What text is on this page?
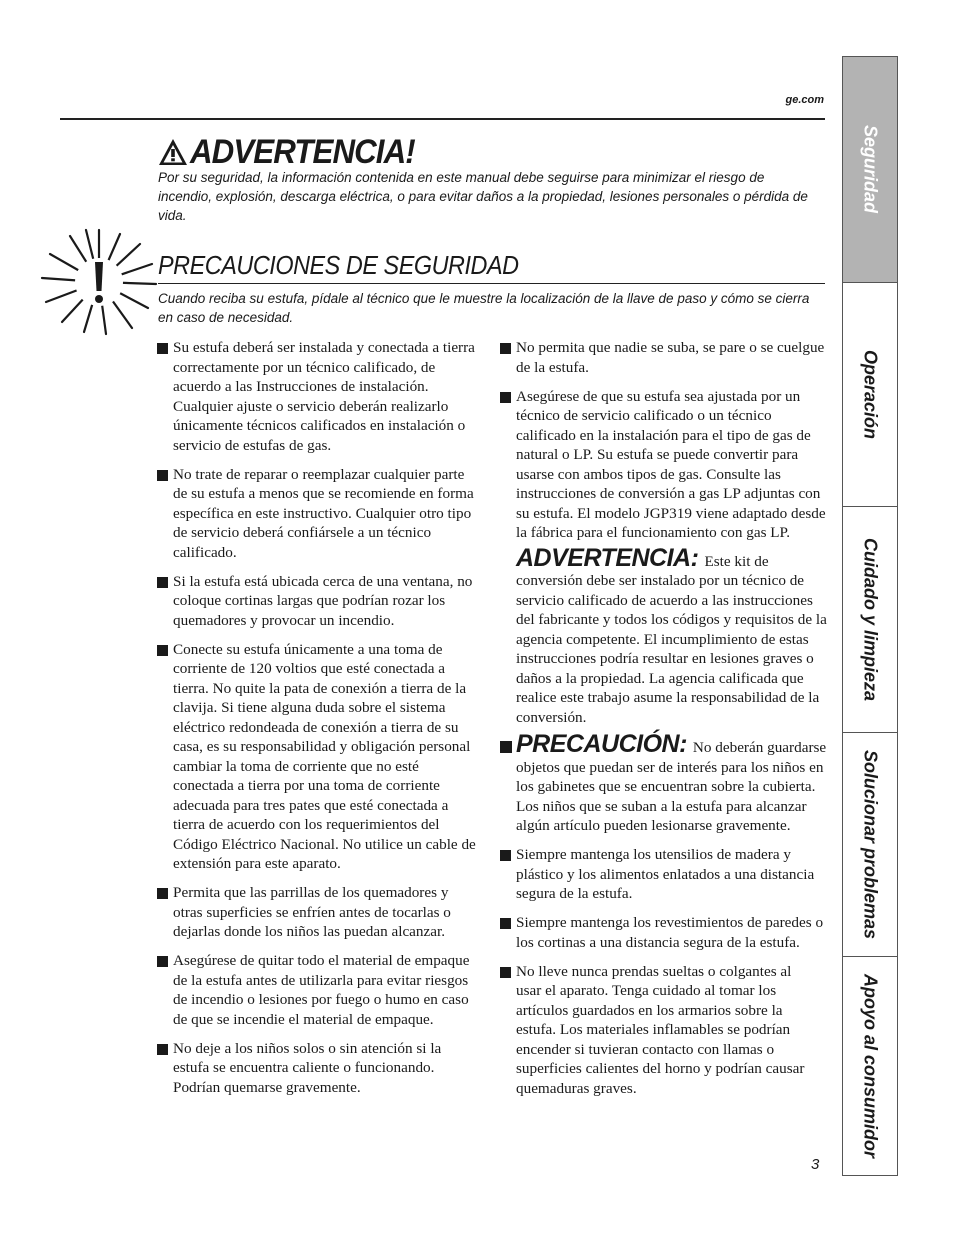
ge.com
ADVERTENCIA!
Por su seguridad, la información contenida en este manual debe seguirse para minimizar el riesgo de incendio, explosión, descarga eléctrica, o para evitar daños a la propiedad, lesiones personales o pérdida de vida.
PRECAUCIONES DE SEGURIDAD
Cuando reciba su estufa, pídale al técnico que le muestre la localización de la llave de paso y cómo se cierra en caso de necesidad.
Su estufa deberá ser instalada y conectada a tierra correctamente por un técnico calificado, de acuerdo a las Instrucciones de instalación. Cualquier ajuste o servicio deberán realizarlo únicamente técnicos calificados en instalación o servicio de estufas de gas.
No trate de reparar o reemplazar cualquier parte de su estufa a menos que se recomiende en forma específica en este instructivo. Cualquier otro tipo de servicio deberá confiársele a un técnico calificado.
Si la estufa está ubicada cerca de una ventana, no coloque cortinas largas que podrían rozar los quemadores y provocar un incendio.
Conecte su estufa únicamente a una toma de corriente de 120 voltios que esté conectada a tierra. No quite la pata de conexión a tierra de la clavija. Si tiene alguna duda sobre el sistema eléctrico redondeada de conexión a tierra de su casa, es su responsabilidad y obligación personal cambiar la toma de corriente que no esté conectada a tierra por una toma de corriente adecuada para tres pates que esté conectada a tierra de acuerdo con los requerimientos del Código Eléctrico Nacional. No utilice un cable de extensión para este aparato.
Permita que las parrillas de los quemadores y otras superficies se enfríen antes de tocarlas o dejarlas donde los niños las puedan alcanzar.
Asegúrese de quitar todo el material de empaque de la estufa antes de utilizarla para evitar riesgos de incendio o lesiones por fuego o humo en caso de que se incendie el material de empaque.
No deje a los niños solos o sin atención si la estufa se encuentra caliente o funcionando. Podrían quemarse gravemente.
No permita que nadie se suba, se pare o se cuelgue de la estufa.
Asegúrese de que su estufa sea ajustada por un técnico de servicio calificado o un técnico calificado en la instalación para el tipo de gas de natural o LP. Su estufa se puede convertir para usarse con ambos tipos de gas. Consulte las instrucciones de conversión a gas LP adjuntas con su estufa. El modelo JGP319 viene adaptado desde la fábrica para el funcionamiento con gas LP.
ADVERTENCIA: Este kit de conversión debe ser instalado por un técnico de servicio calificado de acuerdo a las instrucciones del fabricante y todos los códigos y requisitos de la agencia competente. El incumplimiento de estas instrucciones podría resultar en lesiones graves o daños a la propiedad. La agencia calificada que realice este trabajo asume la responsabilidad de la conversión.
PRECAUCIÓN: No deberán guardarse objetos que puedan ser de interés para los niños en los gabinetes que se encuentran sobre la cubierta. Los niños que se suban a la estufa para alcanzar algún artículo pueden lesionarse gravemente.
Siempre mantenga los utensilios de madera y plástico y los alimentos enlatados a una distancia segura de la estufa.
Siempre mantenga los revestimientos de paredes o los cortinas a una distancia segura de la estufa.
No lleve nunca prendas sueltas o colgantes al usar el aparato. Tenga cuidado al tomar los artículos guardados en los armarios sobre la estufa. Los materiales inflamables se podrían encender si tuvieran contacto con llamas o superficies calientes del horno y podrían causar quemaduras graves.
3
Seguridad
Operación
Cuidado y limpieza
Solucionar problemas
Apoyo al consumidor
